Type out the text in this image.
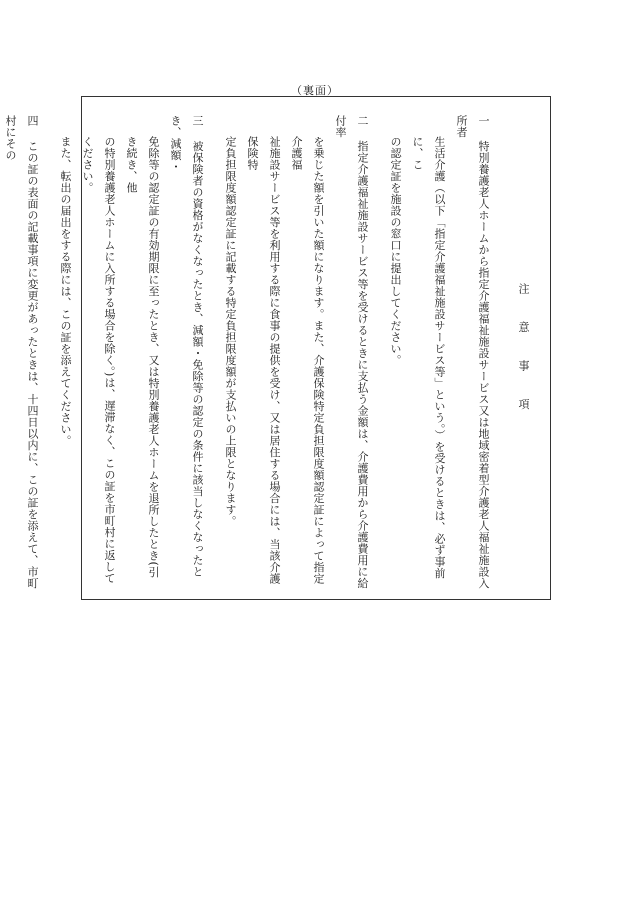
（裏面）
注 意 事 項
一 特別養護老人ホームから指定介護福祉施設サービス又は地域密着型介護老人福祉施設入所者
生活介護（以下「指定介護福祉施設サービス等」という。）を受けるときは、必ず事前に、こ
の認定証を施設の窓口に提出してください。
二 指定介護福祉施設サービス等を受けるときに支払う金額は、介護費用から介護費用に給付率
を乗じた額を引いた額になります。また、介護保険特定負担限度額認定証によって指定介護福
祉施設サービス等を利用する際に食事の提供を受け、又は居住する場合には、当該介護保険特
定負担限度額認定証に記載する特定負担限度額が支払いの上限となります。
三 被保険者の資格がなくなったとき、減額・免除等の認定の条件に該当しなくなったとき、減額・
免除等の認定証の有効期限に至ったとき、又は特別養護老人ホームを退所したとき(引き続き、他
の特別養護老人ホームに入所する場合を除く。)は、遅滞なく、この証を市町村に返してください。
また、転出の届出をする際には、この証を添えてください。
四 この証の表面の記載事項に変更があったときは、十四日以内に、この証を添えて、市町村にその
